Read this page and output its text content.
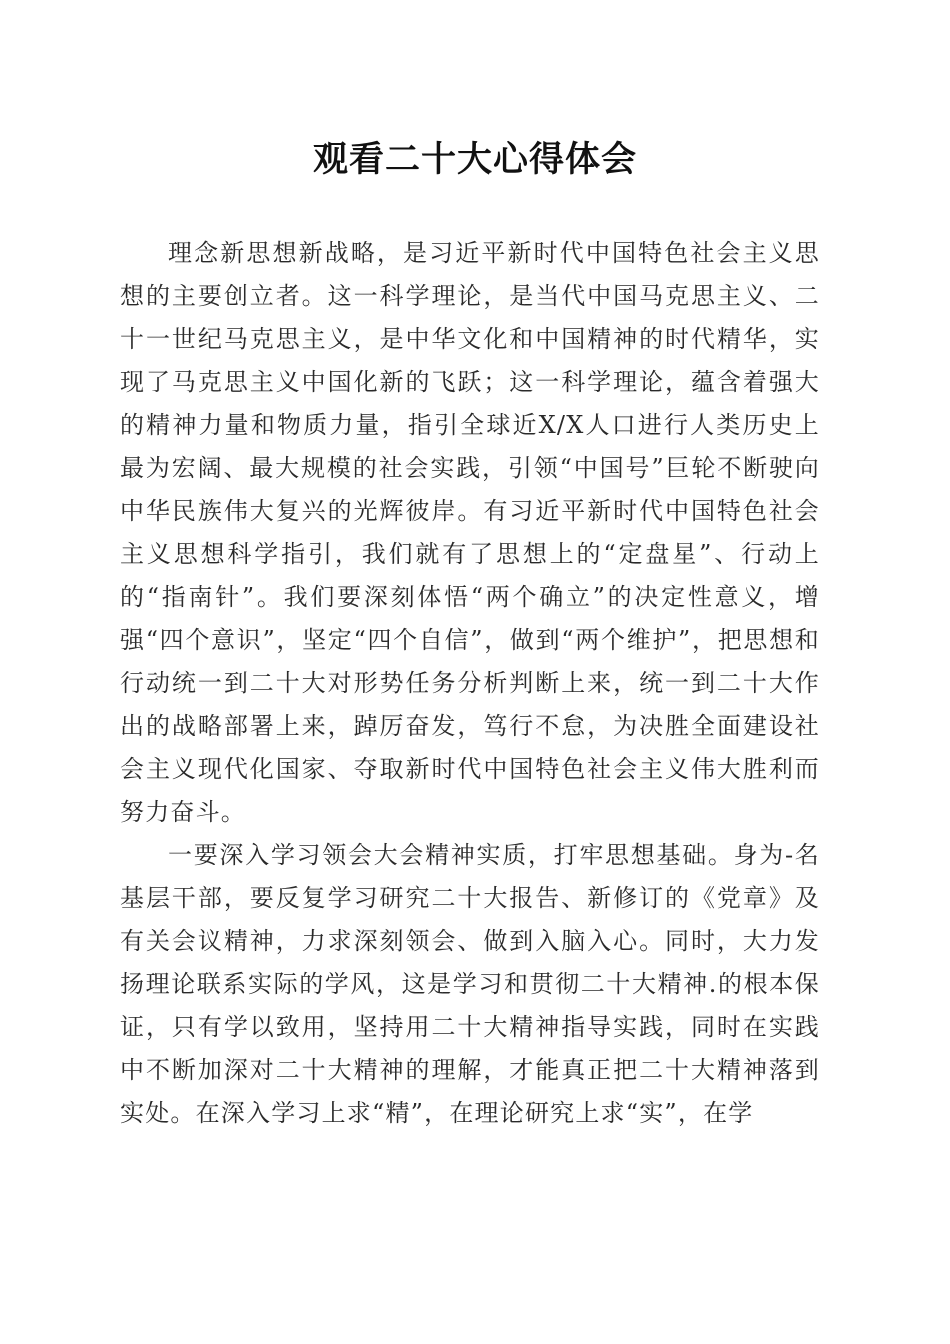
观看二十大心得体会

理念新思想新战略，是习近平新时代中国特色社会主义思想的主要创立者。这一科学理论，是当代中国马克思主义、二十一世纪马克思主义，是中华文化和中国精神的时代精华，实现了马克思主义中国化新的飞跃；这一科学理论，蕴含着强大的精神力量和物质力量，指引全球近X/X人口进行人类历史上最为宏阔、最大规模的社会实践，引领“中国号”巨轮不断驶向中华民族伟大复兴的光辉彼岸。有习近平新时代中国特色社会主义思想科学指引，我们就有了思想上的“定盘星”、行动上的“指南针”。我们要深刻体悟“两个确立”的决定性意义，增强“四个意识”，坚定“四个自信”，做到“两个维护”，把思想和行动统一到二十大对形势任务分析判断上来，统一到二十大作出的战略部署上来，踔厉奋发，笃行不怠，为决胜全面建设社会主义现代化国家、夺取新时代中国特色社会主义伟大胜利而努力奋斗。

一要深入学习领会大会精神实质，打牢思想基础。身为-名基层干部，要反复学习研究二十大报告、新修订的《党章》及有关会议精神，力求深刻领会、做到入脑入心。同时，大力发扬理论联系实际的学风，这是学习和贯彻二十大精神.的根本保证，只有学以致用，坚持用二十大精神指导实践，同时在实践中不断加深对二十大精神的理解，才能真正把二十大精神落到实处。在深入学习上求“精”，在理论研究上求“实”，在学
